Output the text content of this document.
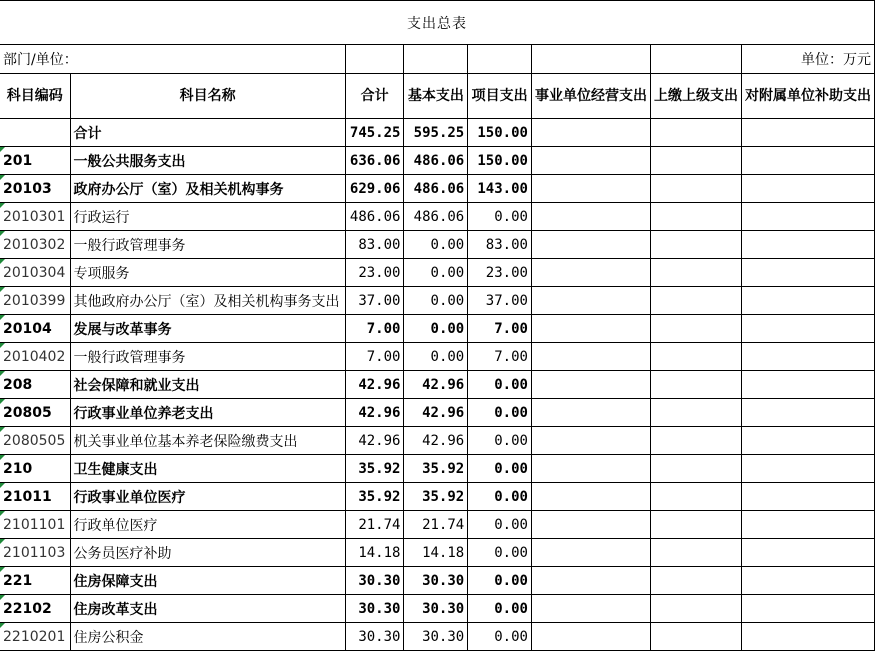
支出总表							
部门/单位：							单位：万元
科目编码	科目名称	合计	基本支出	项目支出	事业单位经营支出	上缴上级支出	对附属单位补助支出
	合计	745.25	595.25	150.00			
201	一般公共服务支出	636.06	486.06	150.00			
20103	政府办公厅（室）及相关机构事务	629.06	486.06	143.00			
2010301	行政运行	486.06	486.06	0.00			
2010302	一般行政管理事务	83.00	0.00	83.00			
2010304	专项服务	23.00	0.00	23.00			
2010399	其他政府办公厅（室）及相关机构事务支出	37.00	0.00	37.00			
20104	发展与改革事务	7.00	0.00	7.00			
2010402	一般行政管理事务	7.00	0.00	7.00			
208	社会保障和就业支出	42.96	42.96	0.00			
20805	行政事业单位养老支出	42.96	42.96	0.00			
2080505	机关事业单位基本养老保险缴费支出	42.96	42.96	0.00			
210	卫生健康支出	35.92	35.92	0.00			
21011	行政事业单位医疗	35.92	35.92	0.00			
2101101	行政单位医疗	21.74	21.74	0.00			
2101103	公务员医疗补助	14.18	14.18	0.00			
221	住房保障支出	30.30	30.30	0.00			
22102	住房改革支出	30.30	30.30	0.00			
2210201	住房公积金	30.30	30.30	0.00			
